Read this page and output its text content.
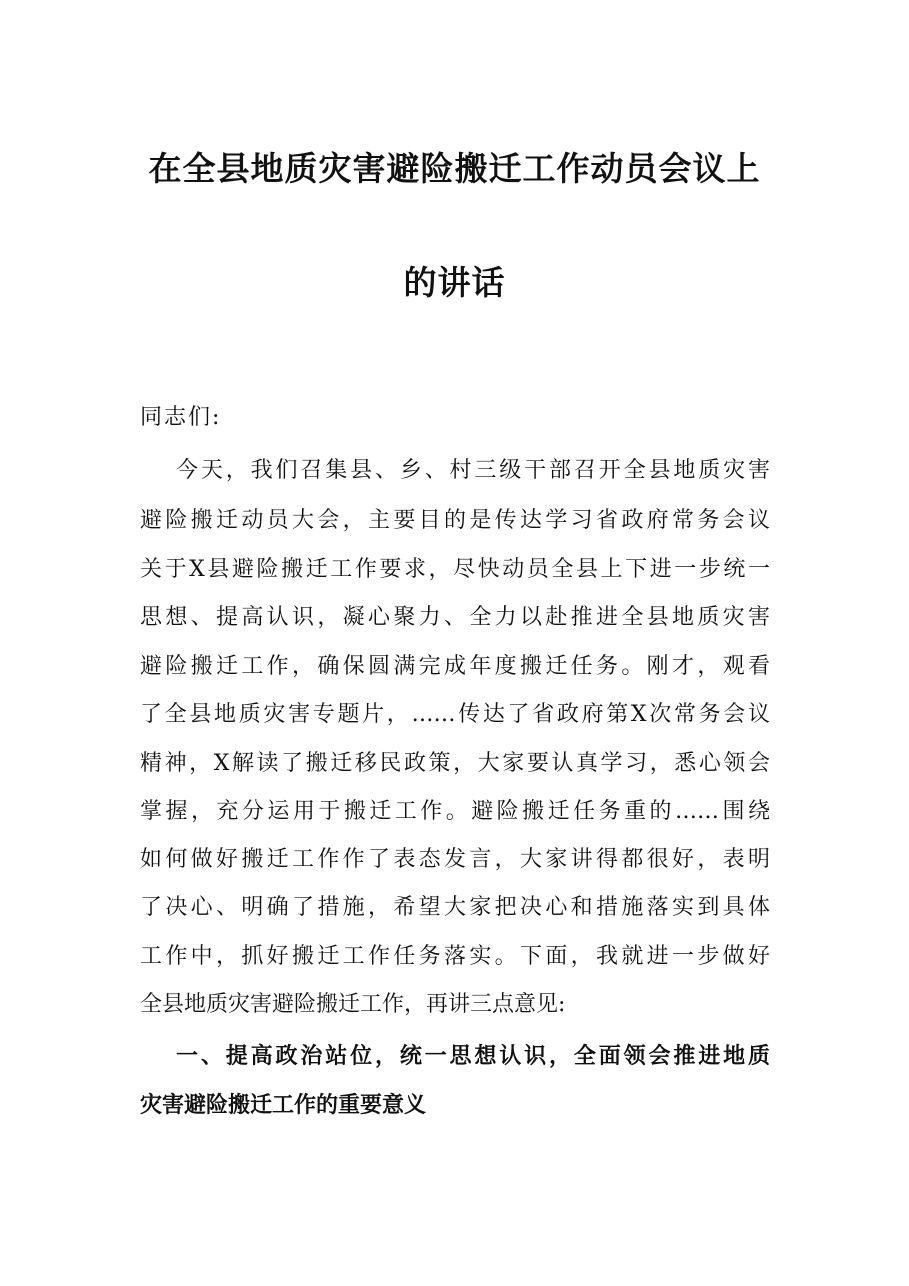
在全县地质灾害避险搬迁工作动员会议上
的讲话
同志们:
今天，我们召集县、乡、村三级干部召开全县地质灾害
避险搬迁动员大会，主要目的是传达学习省政府常务会议
关于X县避险搬迁工作要求，尽快动员全县上下进一步统一
思想、提高认识，凝心聚力、全力以赴推进全县地质灾害
避险搬迁工作，确保圆满完成年度搬迁任务。刚才，观看
了全县地质灾害专题片，……传达了省政府第X次常务会议
精神，X解读了搬迁移民政策，大家要认真学习，悉心领会
掌握，充分运用于搬迁工作。避险搬迁任务重的……围绕
如何做好搬迁工作作了表态发言，大家讲得都很好，表明
了决心、明确了措施，希望大家把决心和措施落实到具体
工作中，抓好搬迁工作任务落实。下面，我就进一步做好
全县地质灾害避险搬迁工作，再讲三点意见:
一、提高政治站位，统一思想认识，全面领会推进地质
灾害避险搬迁工作的重要意义
